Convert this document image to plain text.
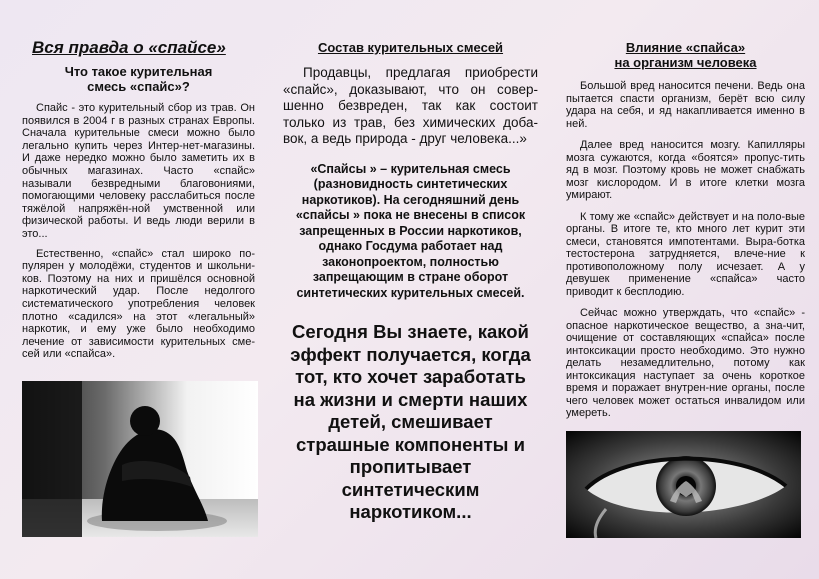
Вся правда о «спайсе»
Что такое курительная
смесь «спайс»?

Спайс - это курительный сбор из трав. Он появился в 2004 г в разных странах Европы. Сначала курительные смеси можно было легально купить через Интер-нет-магазины. И даже нередко можно было заметить их в обычных магазинах. Часто «спайс» называли безвредными благовониями, помогающими человеку расслабиться после тяжёлой напряжён-ной умственной или физической работы. И ведь люди верили в это...

Естественно, «спайс» стал широко по-пулярен у молодёжи, студентов и школьни-ков. Поэтому на них и пришёлся основной наркотический удар. После недолгого систематического употребления человек плотно «садился» на этот «легальный» наркотик, и ему уже было необходимо лечение от зависимости курительных сме-сей или «спайса».

Состав курительных смесей

Продавцы, предлагая приобрести «спайс», доказывают, что он совер-шенно безвреден, так как состоит только из трав, без химических доба-вок, а ведь природа - друг человека...»

«Спайсы » – курительная смесь (разновидность синтетических наркотиков). На сегодняшний день «спайсы » пока не внесены в список запрещенных в России наркотиков, однако Госдума работает над законопроектом, полностью запрещающим в стране оборот синтетических курительных смесей.

Сегодня Вы знаете, какой эффект получается, когда тот, кто хочет заработать на жизни и смерти наших детей, смешивает страшные компоненты и пропитывает синтетическим наркотиком...

Влияние «спайса»
на организм человека

Большой вред наносится печени. Ведь она пытается спасти организм, берёт всю силу удара на себя, и яд накапливается именно в ней.

Далее вред наносится мозгу. Капилляры мозга сужаются, когда «боятся» пропус-тить яд в мозг. Поэтому кровь не может снабжать мозг кислородом. И в итоге клетки мозга умирают.

К тому же «спайс» действует и на поло-вые органы. В итоге те, кто много лет курит эти смеси, становятся импотентами. Выра-ботка тестостерона затрудняется, влече-ние к противоположному полу исчезает. А у девушек применение «спайса» часто приводит к бесплодию.

Сейчас можно утверждать, что «спайс» - опасное наркотическое вещество, а зна-чит, очищение от составляющих «спайса» после интоксикации просто необходимо. Это нужно делать незамедлительно, потому как интоксикация наступает за очень короткое время и поражает внутрен-ние органы, после чего человек может остаться инвалидом или умереть.
